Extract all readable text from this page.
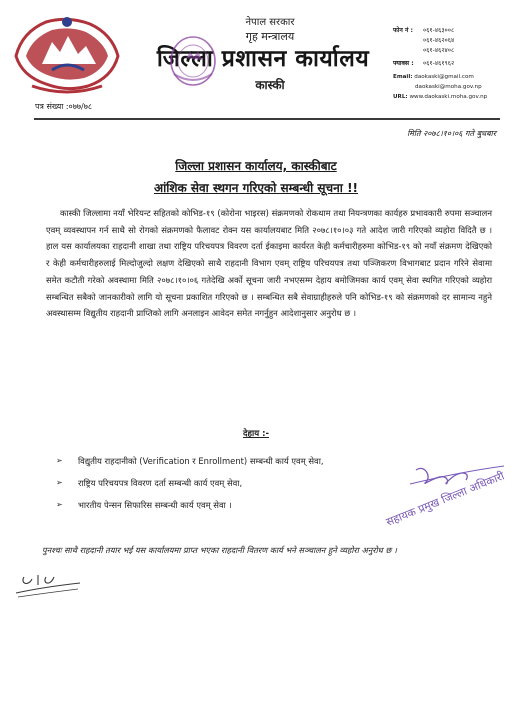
नेपाल सरकार
गृह मन्त्रालय
जिल्ला प्रशासन कार्यालय
कास्की
फोन नं : ०६१-४६३००८
०६१-४६२०६४
०६१-४६२४०८
फ्याक्स : ०६१-४६१९६२
Email: daokaski@gmail.com
daokaski@moha.gov.np
URL: www.daokaski.moha.gov.np
पत्र संख्या :०७७/७८
मिति २०७८।१०।०६ गते बुधबार
जिल्ला प्रशासन कार्यालय, कास्कीबाट
आंशिक सेवा स्थगन गरिएको सम्बन्धी सूचना !!

कास्की जिल्लामा नयाँ भेरियन्ट सहितको कोभिड-१९ (कोरोना भाइरस) संक्रमणको रोकथाम तथा नियन्त्रणका कार्यहरु प्रभावकारी रुपमा सञ्चालन एवम् व्यवस्थापन गर्न साथै सो रोगको संक्रमणको फैलावट रोक्न यस कार्यालयबाट मिति २०७८।१०।०३ गते आदेश जारी गरिएको व्यहोरा विदितै छ । हाल यस कार्यालयका राहदानी शाखा तथा राष्ट्रिय परिचयपत्र विवरण दर्ता ईकाइमा कार्यरत केही कर्मचारीहरुमा कोभिड-१९ को नयाँ संक्रमण देखिएको र केही कर्मचारीहरुलाई मिल्दोजुल्दो लक्षण देखिएको साथै राहदानी विभाग एवम् राष्ट्रिय परिचयपत्र तथा पञ्जिकरण विभागबाट प्रदान गरिने सेवामा समेत कटौती गरेको अवस्थामा मिति २०७८।१०।०६ गतेदेखि अर्को सूचना जारी नभएसम्म देहाय बमोजिमका कार्य एवम् सेवा स्थगित गरिएको व्यहोरा सम्बन्धित सबैको जानकारीको लागि यो सूचना प्रकाशित गरिएको छ । सम्बन्धित सबै सेवाग्राहीहरुले पनि कोभिड-१९ को संक्रमणको दर सामान्य नहुने अवस्थासम्म विद्युतीय राहदानी प्राप्तिको लागि अनलाइन आवेदन समेत नगर्नुहुन आदेशानुसार अनुरोध छ ।

देहाय :-
➢ विद्युतीय राहदानीको (Verification र Enrollment) सम्बन्धी कार्य एवम् सेवा,
➢ राष्ट्रिय परिचयपत्र विवरण दर्ता सम्बन्धी कार्य एवम् सेवा,
➢ भारतीय पेन्सन सिफारिस सम्बन्धी कार्य एवम् सेवा ।	सहायक प्रमुख जिल्ला अधिकारी
पुनश्चः साथै राहदानी तयार भई यस कार्यालयमा प्राप्त भएका राहदानी वितरण कार्य भने सञ्चालन हुने व्यहोरा अनुरोध छ ।
